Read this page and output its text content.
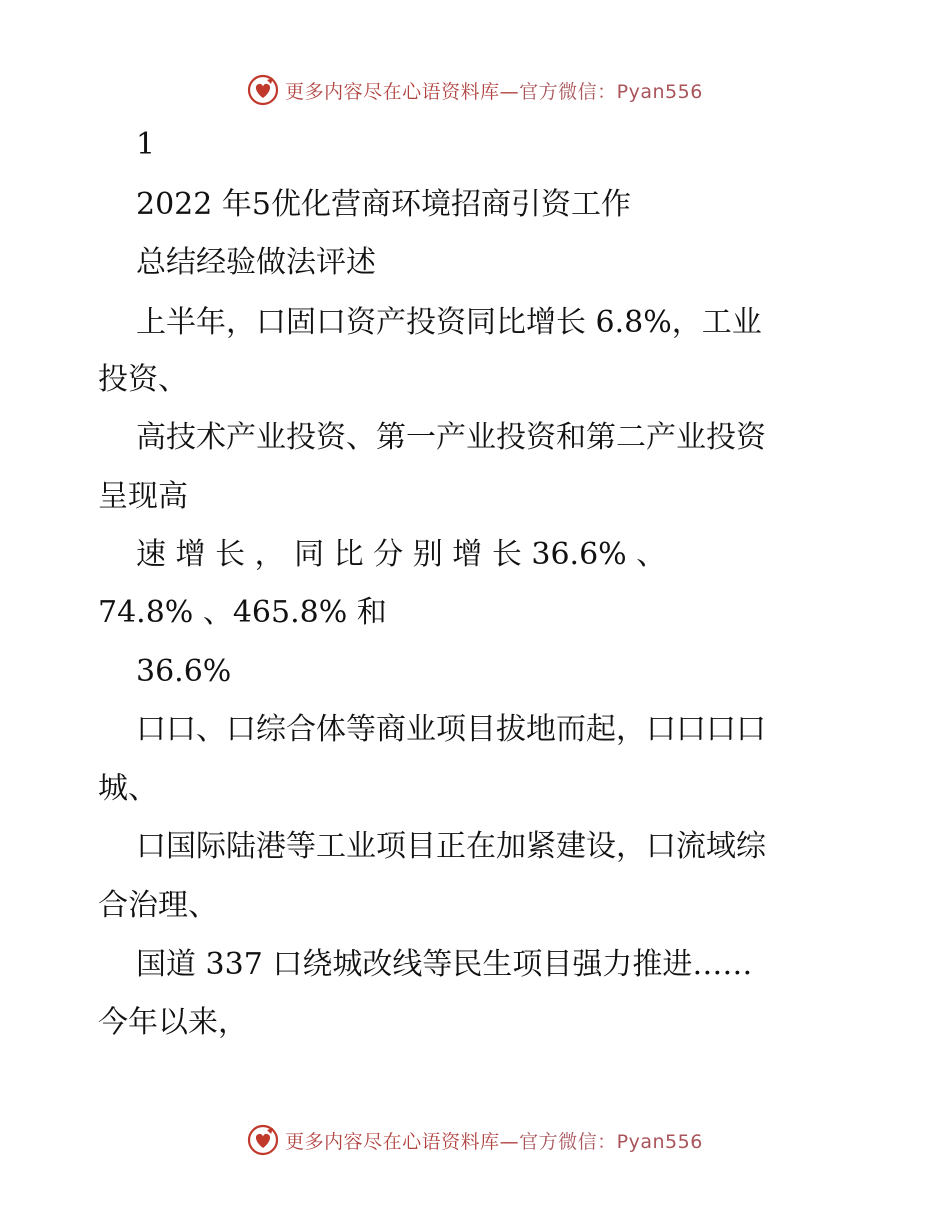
更多内容尽在心语资料库—官方微信：Pyan556
1
2022 年5优化营商环境招商引资工作
总结经验做法评述
上半年，口固口资产投资同比增长 6.8%，工业
投资、
高技术产业投资、第一产业投资和第二产业投资
呈现高
速 增 长 ， 同 比 分 别 增 长 36.6% 、
74.8% 、465.8% 和
36.6%
口口、口综合体等商业项目拔地而起，口口口口
城、
口国际陆港等工业项目正在加紧建设，口流域综
合治理、
国道 337 口绕城改线等民生项目强力推进……
今年以来，
更多内容尽在心语资料库—官方微信：Pyan556
